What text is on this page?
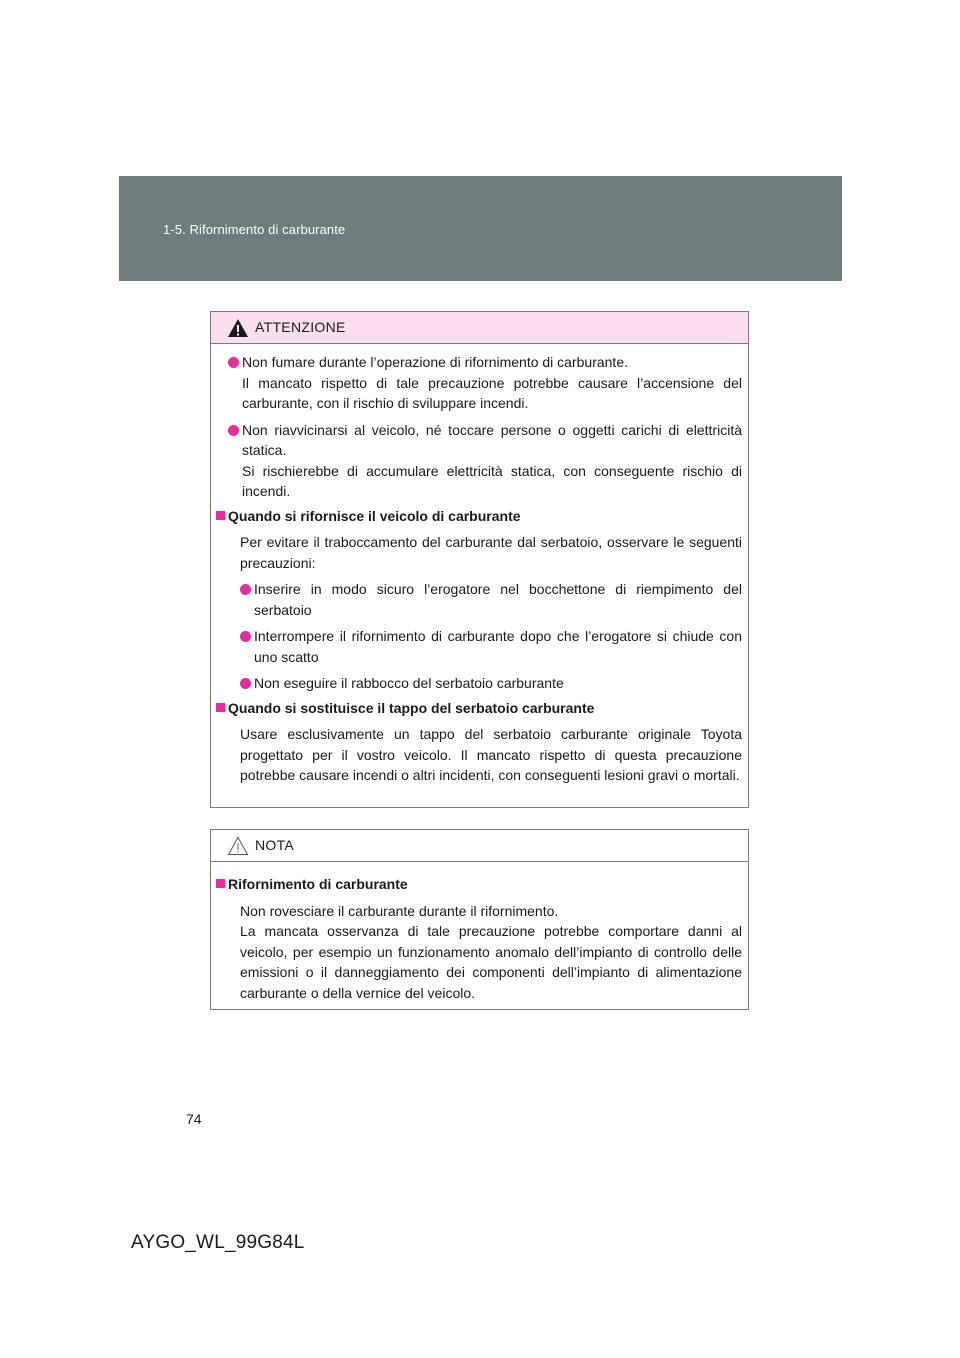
1-5. Rifornimento di carburante
ATTENZIONE
Non fumare durante l’operazione di rifornimento di carburante.
Il mancato rispetto di tale precauzione potrebbe causare l’accensione del carburante, con il rischio di sviluppare incendi.
Non riavvicinarsi al veicolo, né toccare persone o oggetti carichi di elettricità statica.
Si rischierebbe di accumulare elettricità statica, con conseguente rischio di incendi.
Quando si rifornisce il veicolo di carburante
Per evitare il traboccamento del carburante dal serbatoio, osservare le seguenti precauzioni:
Inserire in modo sicuro l’erogatore nel bocchettone di riempimento del serbatoio
Interrompere il rifornimento di carburante dopo che l’erogatore si chiude con uno scatto
Non eseguire il rabbocco del serbatoio carburante
Quando si sostituisce il tappo del serbatoio carburante
Usare esclusivamente un tappo del serbatoio carburante originale Toyota progettato per il vostro veicolo. Il mancato rispetto di questa precauzione potrebbe causare incendi o altri incidenti, con conseguenti lesioni gravi o mortali.
NOTA
Rifornimento di carburante
Non rovesciare il carburante durante il rifornimento.
La mancata osservanza di tale precauzione potrebbe comportare danni al veicolo, per esempio un funzionamento anomalo dell’impianto di controllo delle emissioni o il danneggiamento dei componenti dell’impianto di alimentazione carburante o della vernice del veicolo.
74
AYGO_WL_99G84L
